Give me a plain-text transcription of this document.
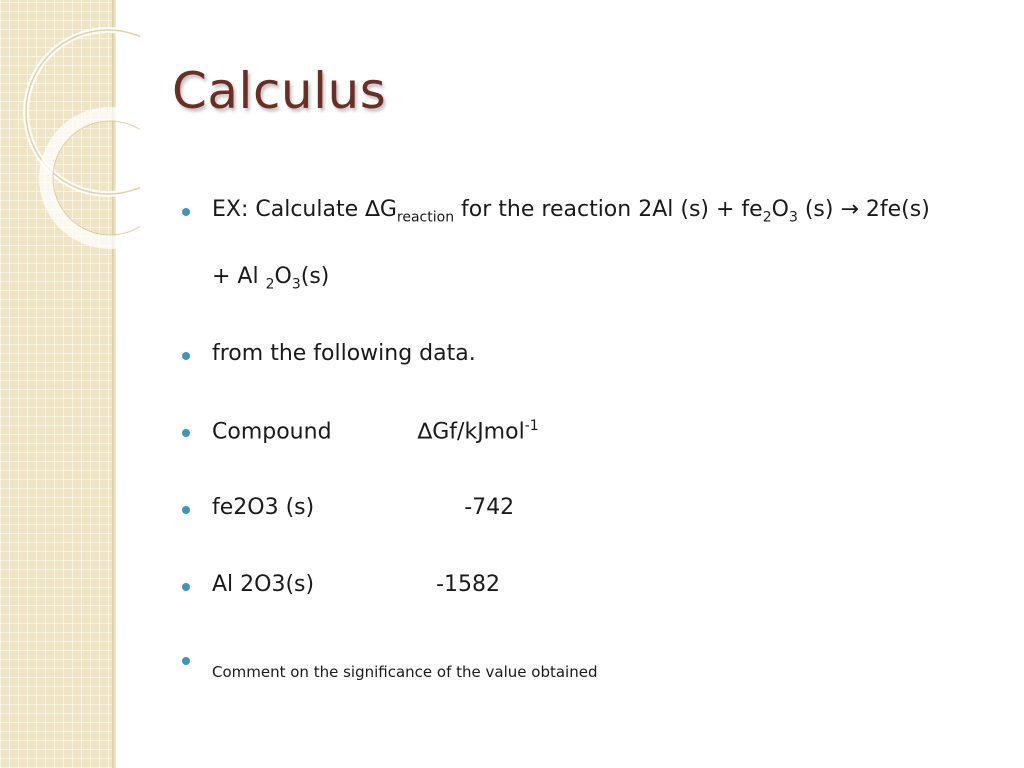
Calculus
EX: Calculate $\Delta G_{reaction}$ for the reaction 2Al $(s) + fe_2O_3$ (s) → 2fe(s)
+ Al $_2O_3(s)$
from the following data.
Compound	∆Gf/kJmol$^{-1}$
fe2O3 (s)	-742
Al 2O3(s)	-1582
Comment on the significance of the value obtained
